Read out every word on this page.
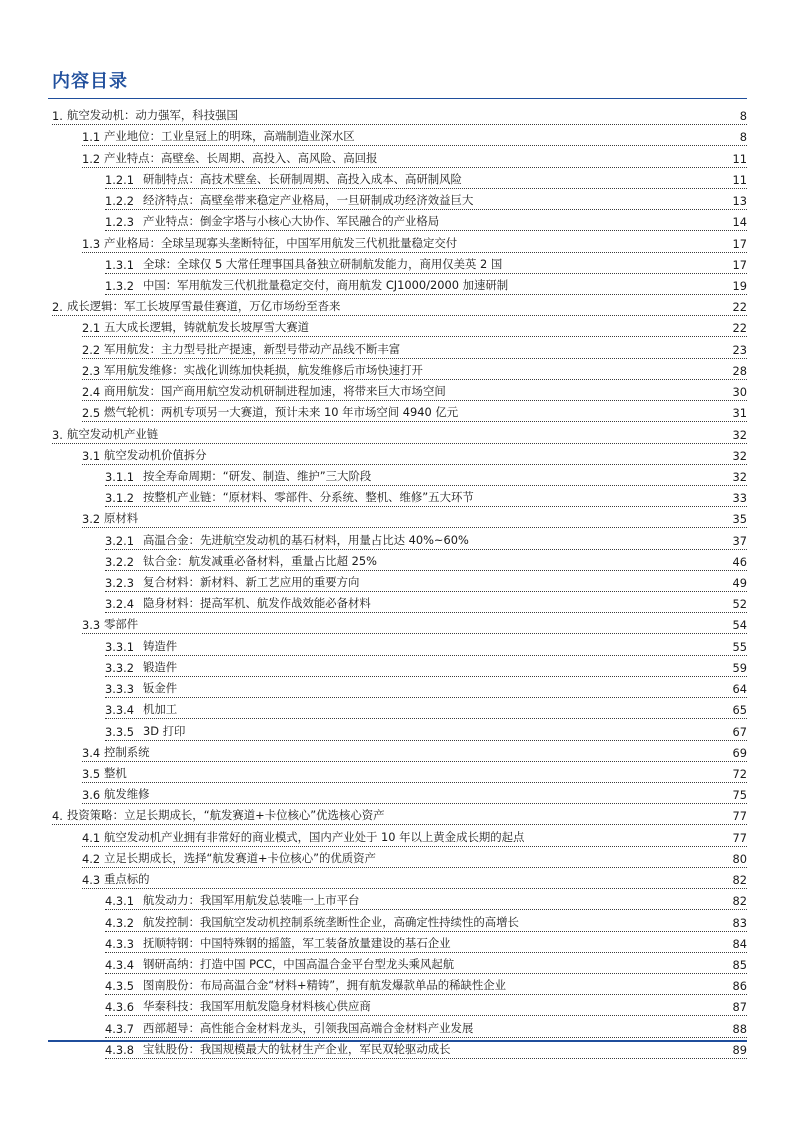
内容目录
1. 航空发动机：动力强军，科技强国	8
1.1 产业地位：工业皇冠上的明珠，高端制造业深水区	8
1.2 产业特点：高壁垒、长周期、高投入、高风险、高回报	11
1.2.1 研制特点：高技术壁垒、长研制周期、高投入成本、高研制风险	11
1.2.2 经济特点：高壁垒带来稳定产业格局，一旦研制成功经济效益巨大	13
1.2.3 产业特点：倒金字塔与小核心大协作、军民融合的产业格局	14
1.3 产业格局：全球呈现寡头垄断特征，中国军用航发三代机批量稳定交付	17
1.3.1 全球：全球仅 5 大常任理事国具备独立研制航发能力，商用仅美英 2 国	17
1.3.2 中国：军用航发三代机批量稳定交付，商用航发 CJ1000/2000 加速研制	19
2. 成长逻辑：军工长坡厚雪最佳赛道，万亿市场纷至沓来	22
2.1 五大成长逻辑，铸就航发长坡厚雪大赛道	22
2.2 军用航发：主力型号批产提速，新型号带动产品线不断丰富	23
2.3 军用航发维修：实战化训练加快耗损，航发维修后市场快速打开	28
2.4 商用航发：国产商用航空发动机研制进程加速，将带来巨大市场空间	30
2.5 燃气轮机：两机专项另一大赛道，预计未来 10 年市场空间 4940 亿元	31
3. 航空发动机产业链	32
3.1 航空发动机价值拆分	32
3.1.1 按全寿命周期：“研发、制造、维护”三大阶段	32
3.1.2 按整机产业链：“原材料、零部件、分系统、整机、维修”五大环节	33
3.2 原材料	35
3.2.1 高温合金：先进航空发动机的基石材料，用量占比达 40%~60%	37
3.2.2 钛合金：航发减重必备材料，重量占比超 25%	46
3.2.3 复合材料：新材料、新工艺应用的重要方向	49
3.2.4 隐身材料：提高军机、航发作战效能必备材料	52
3.3 零部件	54
3.3.1 铸造件	55
3.3.2 锻造件	59
3.3.3 钣金件	64
3.3.4 机加工	65
3.3.5 3D 打印	67
3.4 控制系统	69
3.5 整机	72
3.6 航发维修	75
4. 投资策略：立足长期成长，“航发赛道+卡位核心”优选核心资产	77
4.1 航空发动机产业拥有非常好的商业模式，国内产业处于 10 年以上黄金成长期的起点	77
4.2 立足长期成长，选择“航发赛道+卡位核心”的优质资产	80
4.3 重点标的	82
4.3.1 航发动力：我国军用航发总装唯一上市平台	82
4.3.2 航发控制：我国航空发动机控制系统垄断性企业，高确定性持续性的高增长	83
4.3.3 抚顺特钢：中国特殊钢的摇篮，军工装备放量建设的基石企业	84
4.3.4 钢研高纳：打造中国 PCC，中国高温合金平台型龙头乘风起航	85
4.3.5 图南股份：布局高温合金“材料+精铸”，拥有航发爆款单品的稀缺性企业	86
4.3.6 华秦科技：我国军用航发隐身材料核心供应商	87
4.3.7 西部超导：高性能合金材料龙头，引领我国高端合金材料产业发展	88
4.3.8 宝钛股份：我国规模最大的钛材生产企业，军民双轮驱动成长	89
